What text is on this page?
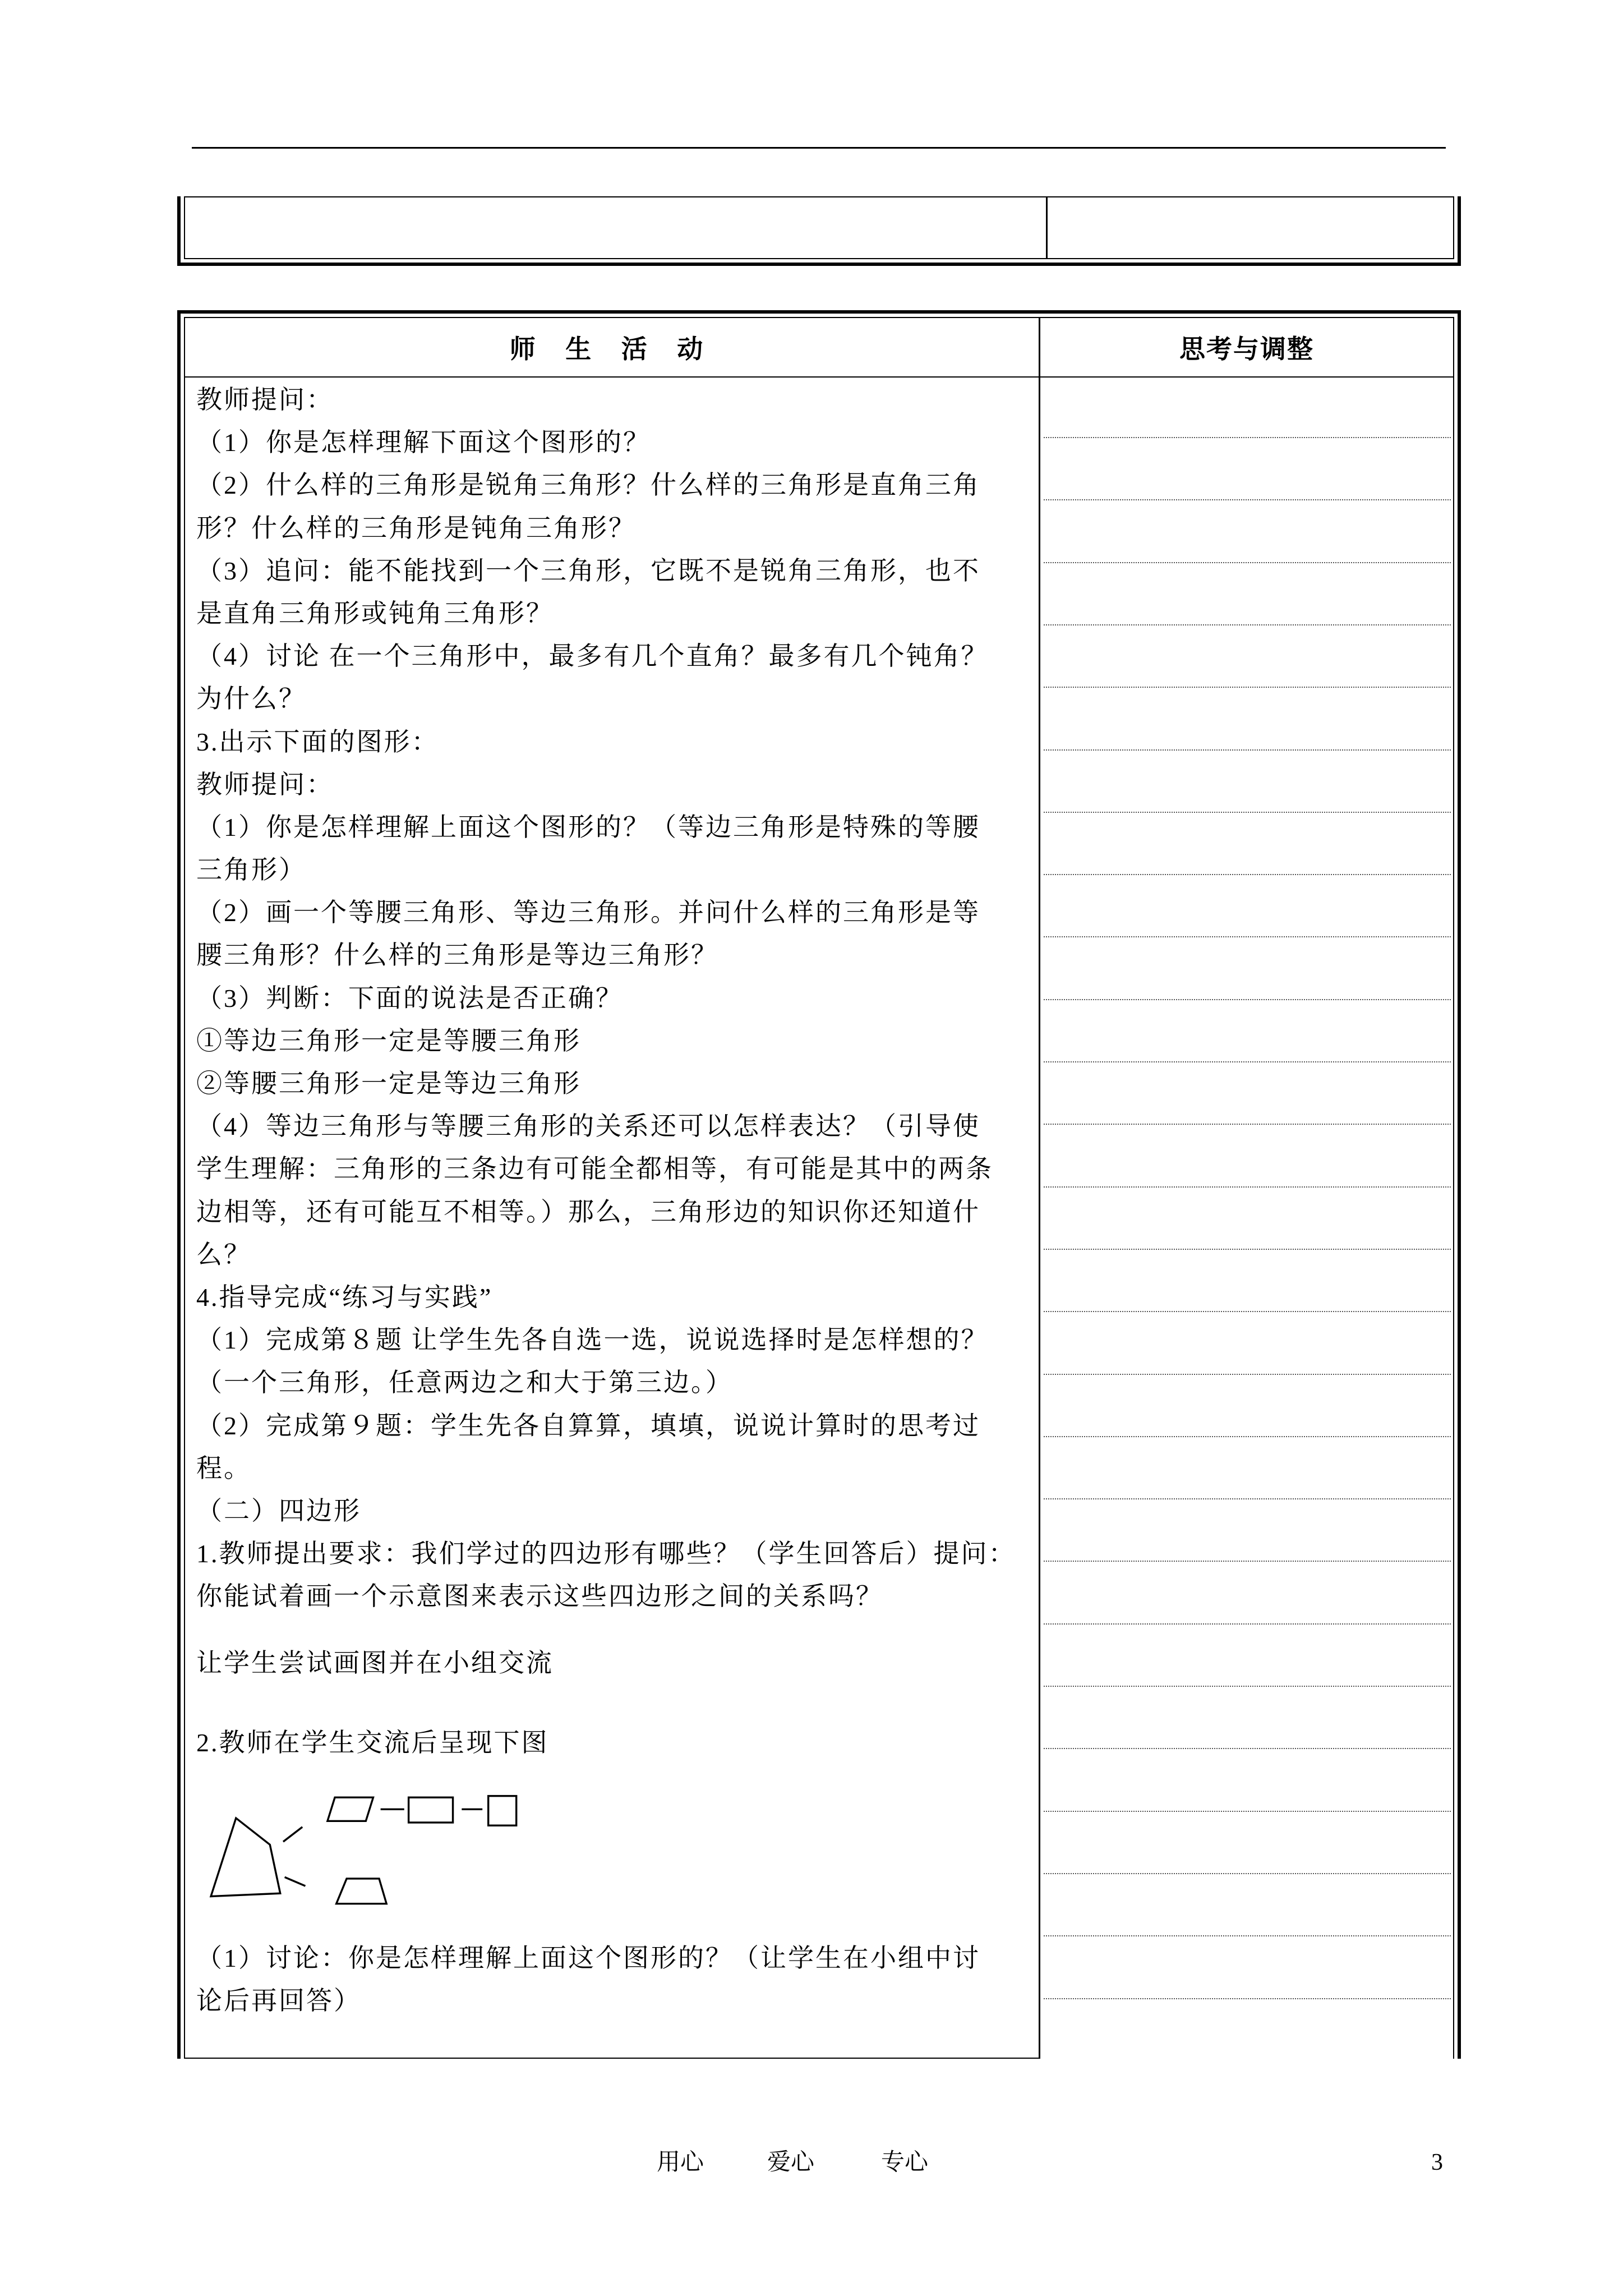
师 生 活 动	思考与调整
教师提问：
（1）你是怎样理解下面这个图形的？
（2）什么样的三角形是锐角三角形？什么样的三角形是直角三角
形？什么样的三角形是钝角三角形？
（3）追问：能不能找到一个三角形，它既不是锐角三角形，也不
是直角三角形或钝角三角形？
（4）讨论 在一个三角形中，最多有几个直角？最多有几个钝角？
为什么？
3.出示下面的图形：
教师提问：
（1）你是怎样理解上面这个图形的？（等边三角形是特殊的等腰
三角形）
（2）画一个等腰三角形、等边三角形。并问什么样的三角形是等
腰三角形？什么样的三角形是等边三角形？
（3）判断：下面的说法是否正确？
①等边三角形一定是等腰三角形
②等腰三角形一定是等边三角形
（4）等边三角形与等腰三角形的关系还可以怎样表达？（引导使
学生理解：三角形的三条边有可能全都相等，有可能是其中的两条
边相等，还有可能互不相等。）那么，三角形边的知识你还知道什
么？
4.指导完成“练习与实践”
（1）完成第８题 让学生先各自选一选，说说选择时是怎样想的？
（一个三角形，任意两边之和大于第三边。）
（2）完成第９题：学生先各自算算，填填，说说计算时的思考过
程。
（二）四边形
1.教师提出要求：我们学过的四边形有哪些？（学生回答后）提问：
你能试着画一个示意图来表示这些四边形之间的关系吗？
让学生尝试画图并在小组交流
2.教师在学生交流后呈现下图
（1）讨论：你是怎样理解上面这个图形的？（让学生在小组中讨
论后再回答）
用心	爱心	专心	3
